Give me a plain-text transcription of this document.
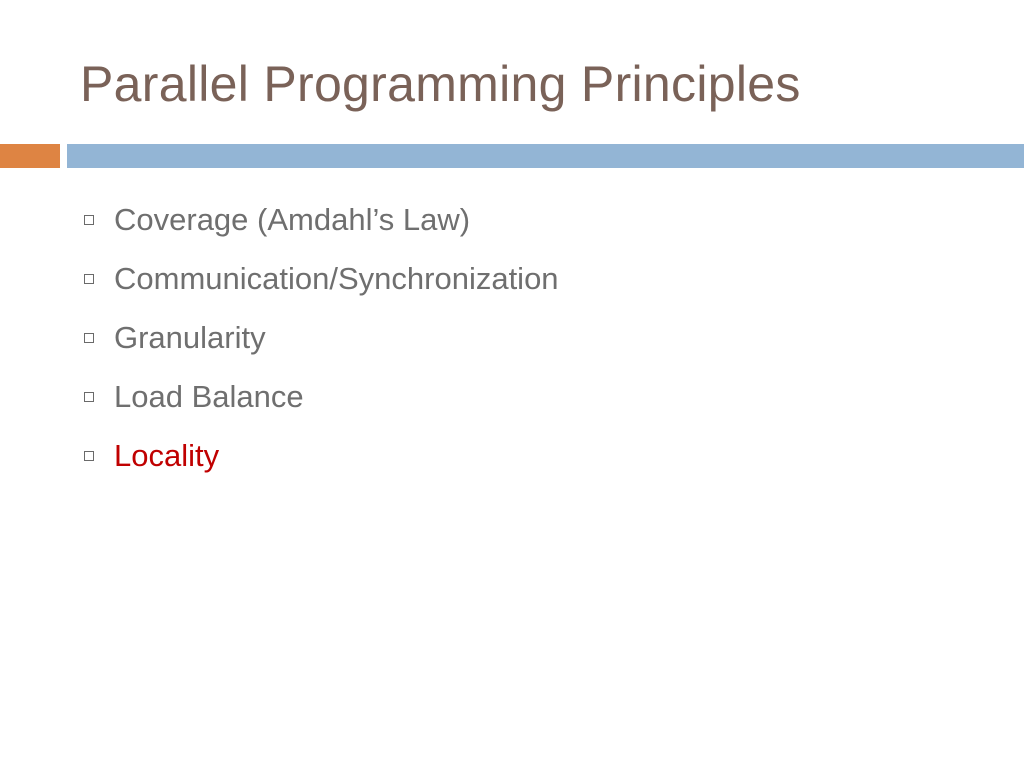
Parallel Programming Principles
Coverage (Amdahl’s Law)
Communication/Synchronization
Granularity
Load Balance
Locality
